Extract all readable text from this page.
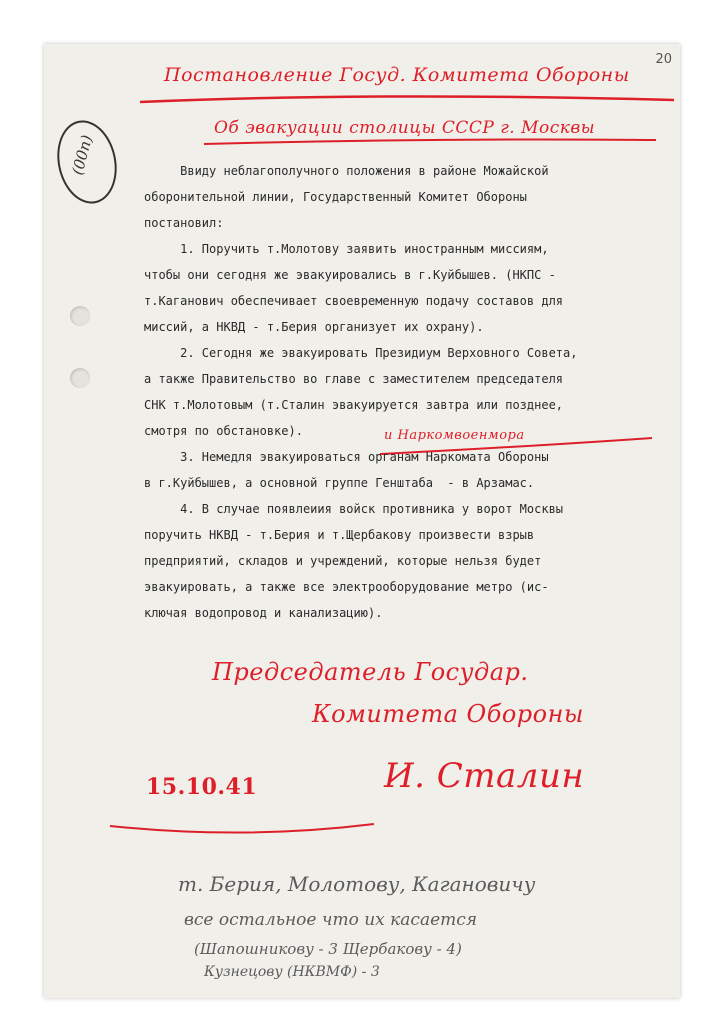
20
(00п)
Постановление Госуд. Комитета Обороны
Об эвакуации столицы СССР г. Москвы

Ввиду неблагополучного положения в районе Можайской

оборонительной линии, Государственный Комитет Обороны

постановил:

1. Поручить т.Молотову заявить иностранным миссиям,

чтобы они сегодня же эвакуировались в г.Куйбышев. (НКПС -

т.Каганович обеспечивает своевременную подачу составов для

миссий, а НКВД - т.Берия организует их охрану).

2. Сегодня же эвакуировать Президиум Верховного Совета,

а также Правительство во главе с заместителем председателя

СНК т.Молотовым (т.Сталин эвакуируется завтра или позднее,

смотря по обстановке).

3. Немедля эвакуироваться органам Наркомата Обороны

в г.Куйбышев, а основной группе Генштаба  - в Арзамас.

4. В случае появлеиия войск противника у ворот Москвы

поручить НКВД - т.Берия и т.Щербакову произвести взрыв

предприятий, складов и учреждений, которые нельзя будет

эвакуировать, а также все электрооборудование метро (ис-

ключая водопровод и канализацию).

и Наркомвоенмора
Председатель Государ.
Комитета Обороны
И. Сталин
15.10.41
т. Берия, Молотову, Кагановичу
все остальное что их касается
(Шапошникову - 3 Щербакову - 4)
Кузнецову (НКВМФ) - 3
